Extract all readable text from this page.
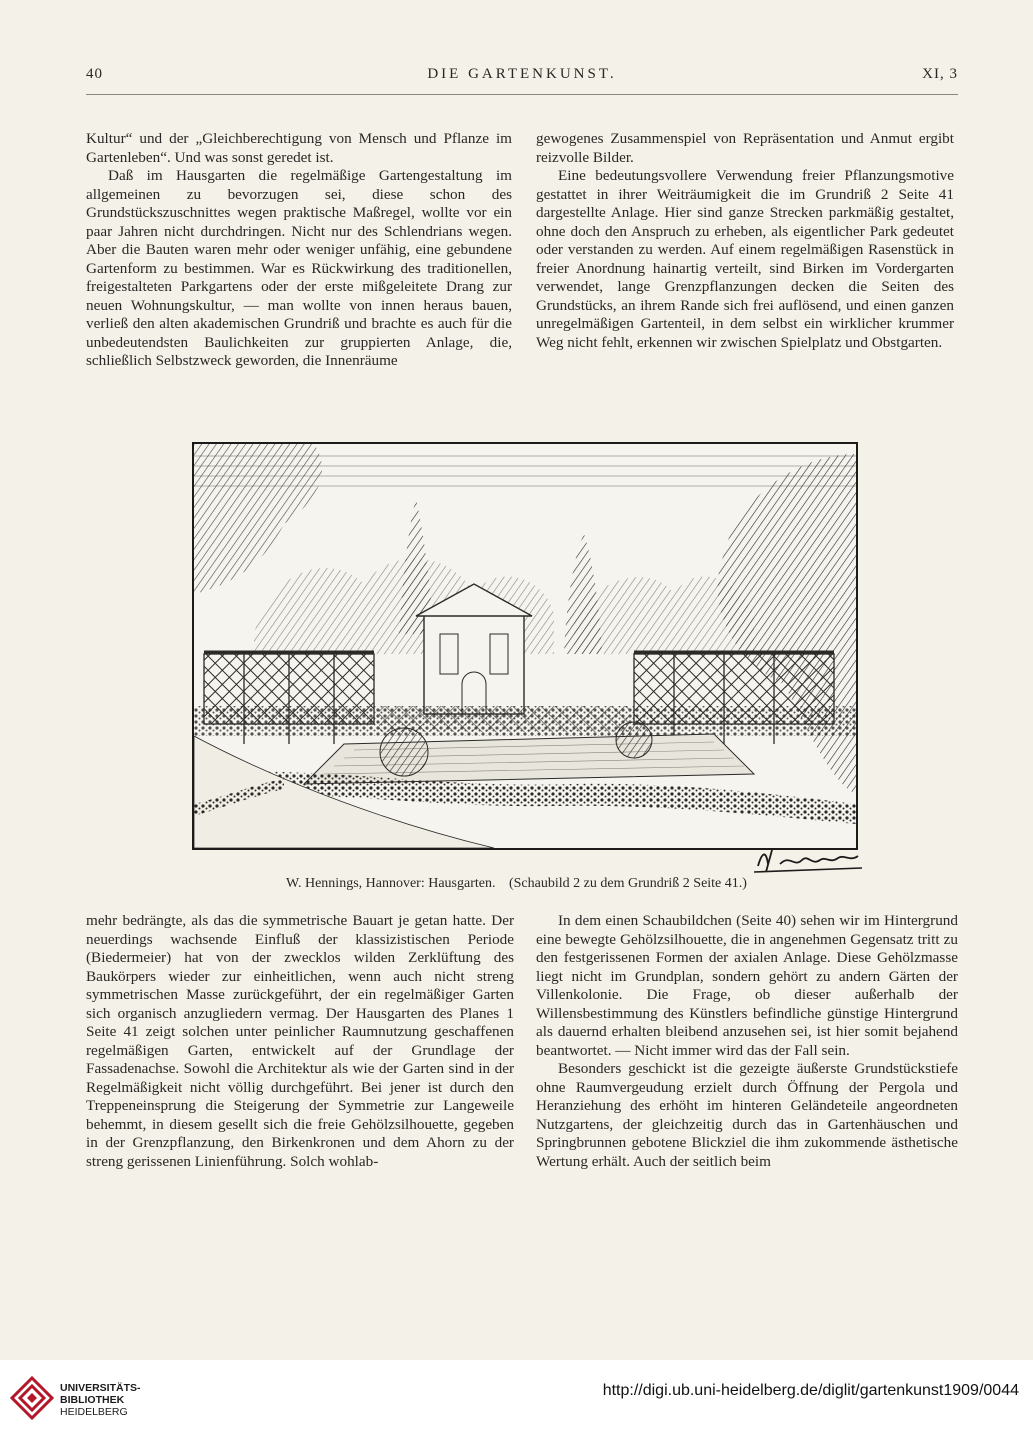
40	DIE GARTENKUNST.	XI, 3

Kultur“ und der „Gleichberechtigung von Mensch und Pflanze im Gartenleben“. Und was sonst geredet ist.

Daß im Hausgarten die regelmäßige Gartengestaltung im allgemeinen zu bevorzugen sei, diese schon des Grundstückszuschnittes wegen praktische Maßregel, wollte vor ein paar Jahren nicht durchdringen. Nicht nur des Schlendrians wegen. Aber die Bauten waren mehr oder weniger unfähig, eine gebundene Gartenform zu bestimmen. War es Rückwirkung des traditionellen, freigestalteten Parkgartens oder der erste mißgeleitete Drang zur neuen Wohnungskultur, — man wollte von innen heraus bauen, verließ den alten akademischen Grundriß und brachte es auch für die unbedeutendsten Baulichkeiten zur gruppierten Anlage, die, schließlich Selbstzweck geworden, die Innenräume

gewogenes Zusammenspiel von Repräsentation und Anmut ergibt reizvolle Bilder.

Eine bedeutungsvollere Verwendung freier Pflanzungsmotive gestattet in ihrer Weiträumigkeit die im Grundriß 2 Seite 41 dargestellte Anlage. Hier sind ganze Strecken parkmäßig gestaltet, ohne doch den Anspruch zu erheben, als eigentlicher Park gedeutet oder verstanden zu werden. Auf einem regelmäßigen Rasenstück in freier Anordnung hainartig verteilt, sind Birken im Vordergarten verwendet, lange Grenzpflanzungen decken die Seiten des Grundstücks, an ihrem Rande sich frei auflösend, und einen ganzen unregelmäßigen Gartenteil, in dem selbst ein wirklicher krummer Weg nicht fehlt, erkennen wir zwischen Spielplatz und Obstgarten.

W. Hennings, Hannover: Hausgarten. (Schaubild 2 zu dem Grundriß 2 Seite 41.)

mehr bedrängte, als das die symmetrische Bauart je getan hatte. Der neuerdings wachsende Einfluß der klassizistischen Periode (Biedermeier) hat von der zwecklos wilden Zerklüftung des Baukörpers wieder zur einheitlichen, wenn auch nicht streng symmetrischen Masse zurückgeführt, der ein regelmäßiger Garten sich organisch anzugliedern vermag. Der Hausgarten des Planes 1 Seite 41 zeigt solchen unter peinlicher Raumnutzung geschaffenen regelmäßigen Garten, entwickelt auf der Grundlage der Fassadenachse. Sowohl die Architektur als wie der Garten sind in der Regelmäßigkeit nicht völlig durchgeführt. Bei jener ist durch den Treppeneinsprung die Steigerung der Symmetrie zur Langeweile behemmt, in diesem gesellt sich die freie Gehölzsilhouette, gegeben in der Grenzpflanzung, den Birkenkronen und dem Ahorn zu der streng gerissenen Linienführung. Solch wohlab-

In dem einen Schaubildchen (Seite 40) sehen wir im Hintergrund eine bewegte Gehölzsilhouette, die in angenehmen Gegensatz tritt zu den festgerissenen Formen der axialen Anlage. Diese Gehölzmasse liegt nicht im Grundplan, sondern gehört zu andern Gärten der Villenkolonie. Die Frage, ob dieser außerhalb der Willensbestimmung des Künstlers befindliche günstige Hintergrund als dauernd erhalten bleibend anzusehen sei, ist hier somit bejahend beantwortet. — Nicht immer wird das der Fall sein.

Besonders geschickt ist die gezeigte äußerste Grundstückstiefe ohne Raumvergeudung erzielt durch Öffnung der Pergola und Heranziehung des erhöht im hinteren Geländeteile angeordneten Nutzgartens, der gleichzeitig durch das in Gartenhäuschen und Springbrunnen gebotene Blickziel die ihm zukommende ästhetische Wertung erhält. Auch der seitlich beim

UNIVERSITÄTS-
BIBLIOTHEK
HEIDELBERG
http://digi.ub.uni-heidelberg.de/diglit/gartenkunst1909/0044
